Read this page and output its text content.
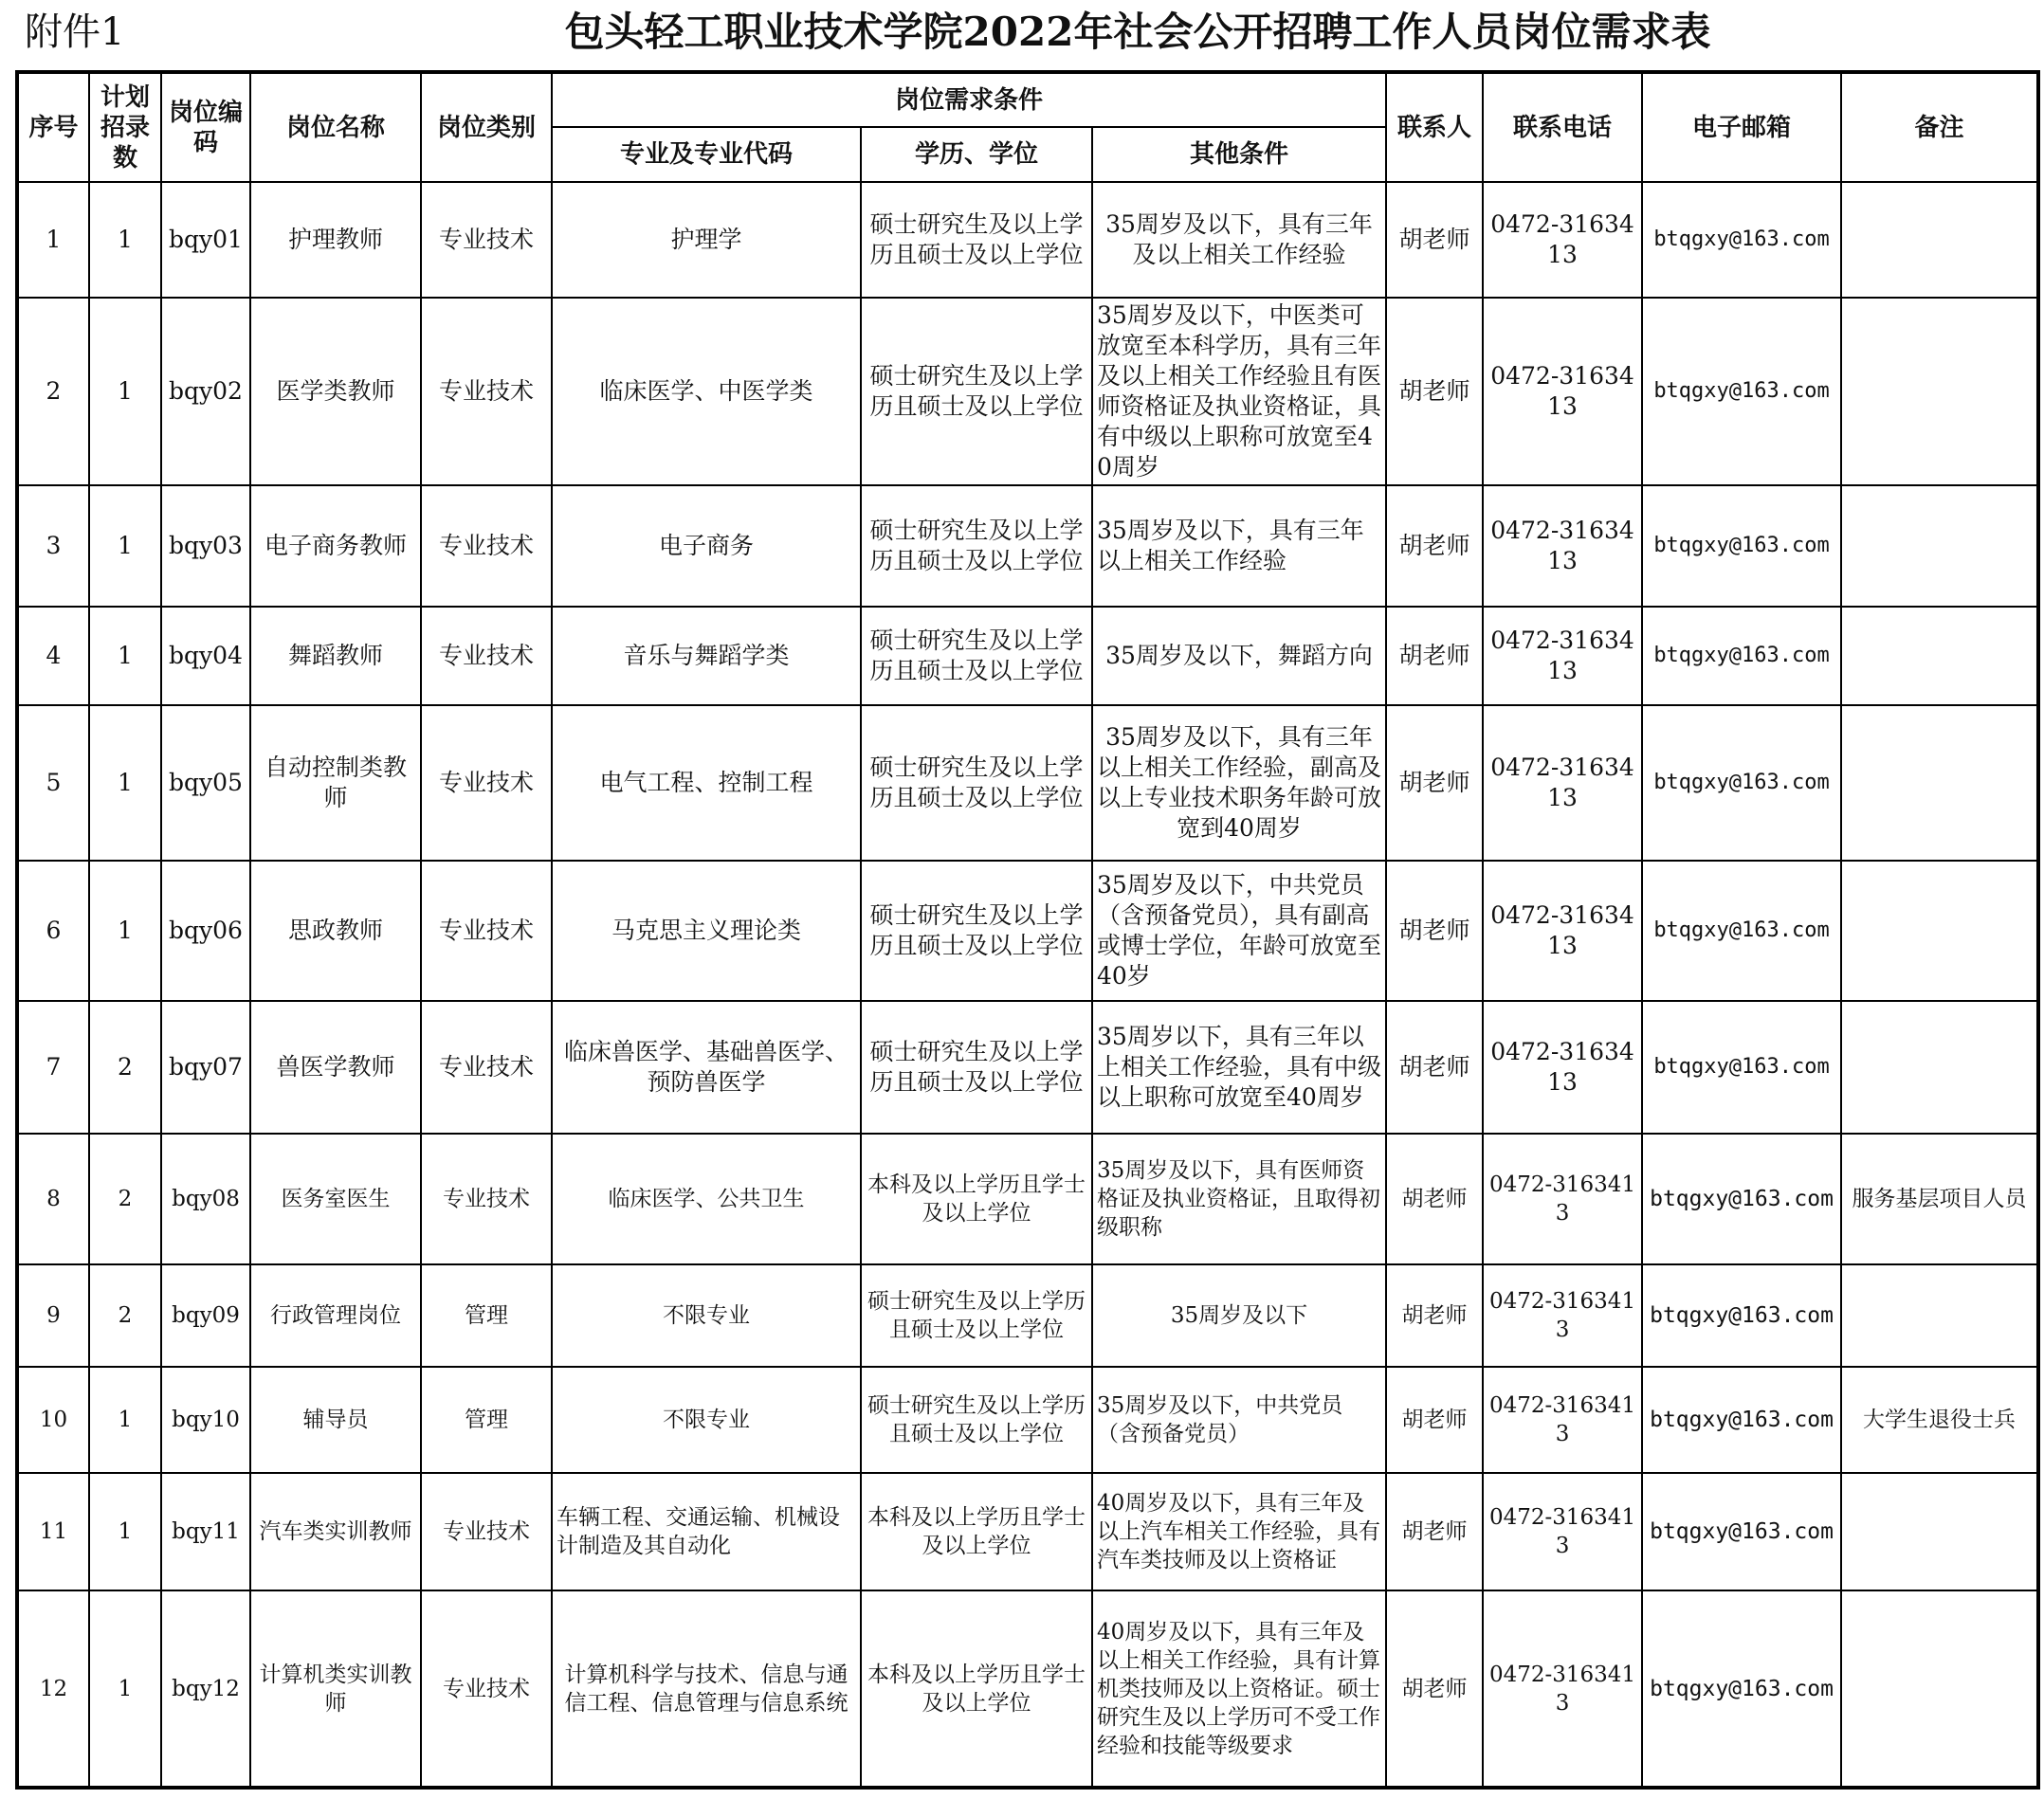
附件1	包头轻工职业技术学院2022年社会公开招聘工作人员岗位需求表
序号	计划招录数	岗位编码	岗位名称	岗位类别	岗位需求条件			联系人	联系电话	电子邮箱	备注
					专业及专业代码	学历、学位	其他条件				
1	1	bqy01	护理教师	专业技术	护理学	硕士研究生及以上学历且硕士及以上学位	35周岁及以下，具有三年及以上相关工作经验	胡老师	0472-3163413	btqgxy@163.com	
2	1	bqy02	医学类教师	专业技术	临床医学、中医学类	硕士研究生及以上学历且硕士及以上学位	35周岁及以下，中医类可放宽至本科学历，具有三年及以上相关工作经验且有医师资格证及执业资格证，具有中级以上职称可放宽至40周岁	胡老师	0472-3163413	btqgxy@163.com	
3	1	bqy03	电子商务教师	专业技术	电子商务	硕士研究生及以上学历且硕士及以上学位	35周岁及以下，具有三年以上相关工作经验	胡老师	0472-3163413	btqgxy@163.com	
4	1	bqy04	舞蹈教师	专业技术	音乐与舞蹈学类	硕士研究生及以上学历且硕士及以上学位	35周岁及以下，舞蹈方向	胡老师	0472-3163413	btqgxy@163.com	
5	1	bqy05	自动控制类教师	专业技术	电气工程、控制工程	硕士研究生及以上学历且硕士及以上学位	35周岁及以下，具有三年以上相关工作经验，副高及以上专业技术职务年龄可放宽到40周岁	胡老师	0472-3163413	btqgxy@163.com	
6	1	bqy06	思政教师	专业技术	马克思主义理论类	硕士研究生及以上学历且硕士及以上学位	35周岁及以下，中共党员（含预备党员），具有副高或博士学位，年龄可放宽至40岁	胡老师	0472-3163413	btqgxy@163.com	
7	2	bqy07	兽医学教师	专业技术	临床兽医学、基础兽医学、预防兽医学	硕士研究生及以上学历且硕士及以上学位	35周岁以下，具有三年以上相关工作经验，具有中级以上职称可放宽至40周岁	胡老师	0472-3163413	btqgxy@163.com	
8	2	bqy08	医务室医生	专业技术	临床医学、公共卫生	本科及以上学历且学士及以上学位	35周岁及以下，具有医师资格证及执业资格证，且取得初级职称	胡老师	0472-3163413	btqgxy@163.com	服务基层项目人员
9	2	bqy09	行政管理岗位	管理	不限专业	硕士研究生及以上学历且硕士及以上学位	35周岁及以下	胡老师	0472-3163413	btqgxy@163.com	
10	1	bqy10	辅导员	管理	不限专业	硕士研究生及以上学历且硕士及以上学位	35周岁及以下，中共党员（含预备党员）	胡老师	0472-3163413	btqgxy@163.com	大学生退役士兵
11	1	bqy11	汽车类实训教师	专业技术	车辆工程、交通运输、机械设计制造及其自动化	本科及以上学历且学士及以上学位	40周岁及以下，具有三年及以上汽车相关工作经验，具有汽车类技师及以上资格证	胡老师	0472-3163413	btqgxy@163.com	
12	1	bqy12	计算机类实训教师	专业技术	计算机科学与技术、信息与通信工程、信息管理与信息系统	本科及以上学历且学士及以上学位	40周岁及以下，具有三年及以上相关工作经验，具有计算机类技师及以上资格证。硕士研究生及以上学历可不受工作经验和技能等级要求	胡老师	0472-3163413	btqgxy@163.com	
